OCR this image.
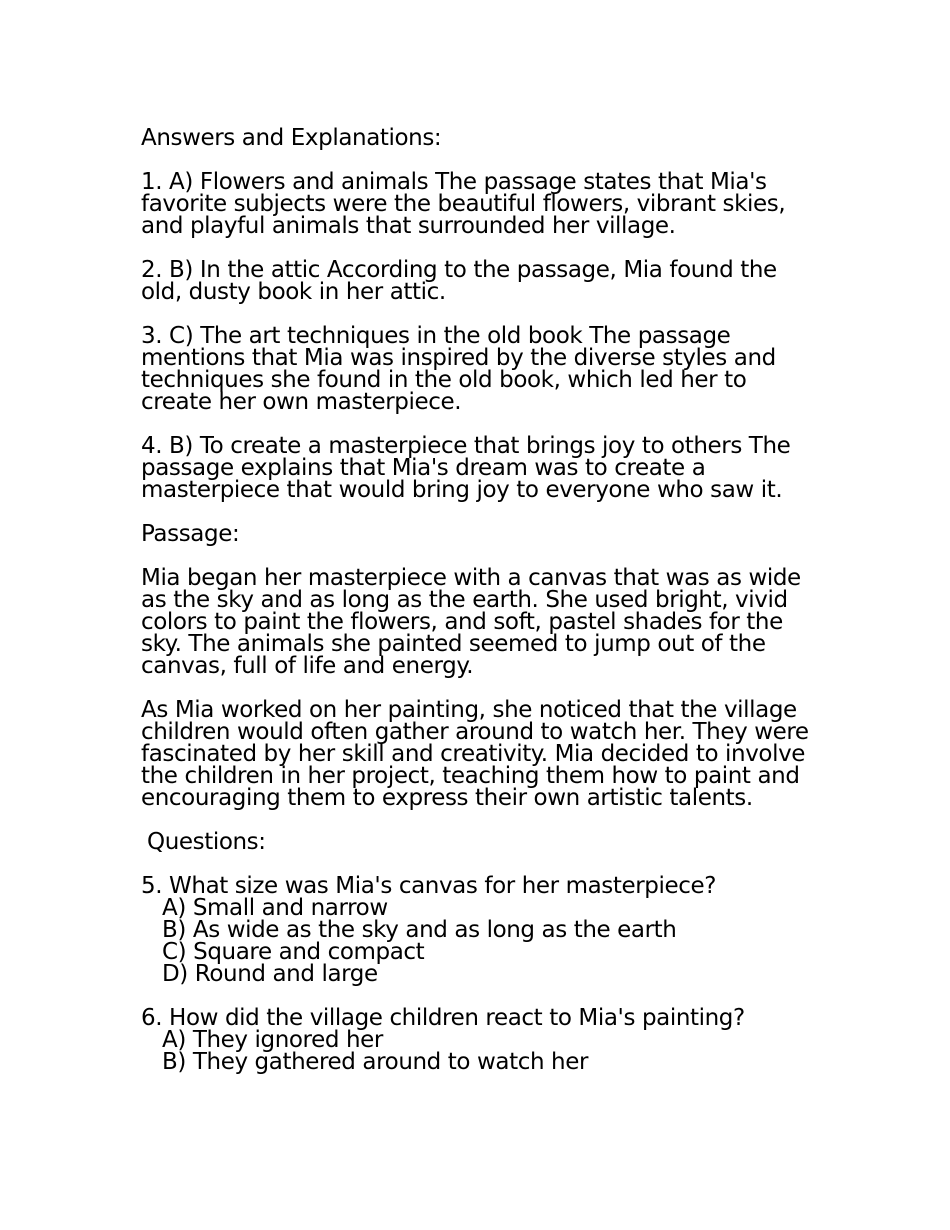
Answers and Explanations:
1. A) Flowers and animals The passage states that Mia's favorite subjects were the beautiful flowers, vibrant skies, and playful animals that surrounded her village.
2. B) In the attic According to the passage, Mia found the old, dusty book in her attic.
3. C) The art techniques in the old book The passage mentions that Mia was inspired by the diverse styles and techniques she found in the old book, which led her to create her own masterpiece.
4. B) To create a masterpiece that brings joy to others The passage explains that Mia's dream was to create a masterpiece that would bring joy to everyone who saw it.
Passage:
Mia began her masterpiece with a canvas that was as wide as the sky and as long as the earth. She used bright, vivid colors to paint the flowers, and soft, pastel shades for the sky. The animals she painted seemed to jump out of the canvas, full of life and energy.
As Mia worked on her painting, she noticed that the village children would often gather around to watch her. They were fascinated by her skill and creativity. Mia decided to involve the children in her project, teaching them how to paint and encouraging them to express their own artistic talents.
Questions:
5. What size was Mia's canvas for her masterpiece?
A) Small and narrow
B) As wide as the sky and as long as the earth
C) Square and compact
D) Round and large
6. How did the village children react to Mia's painting?
A) They ignored her
B) They gathered around to watch her
